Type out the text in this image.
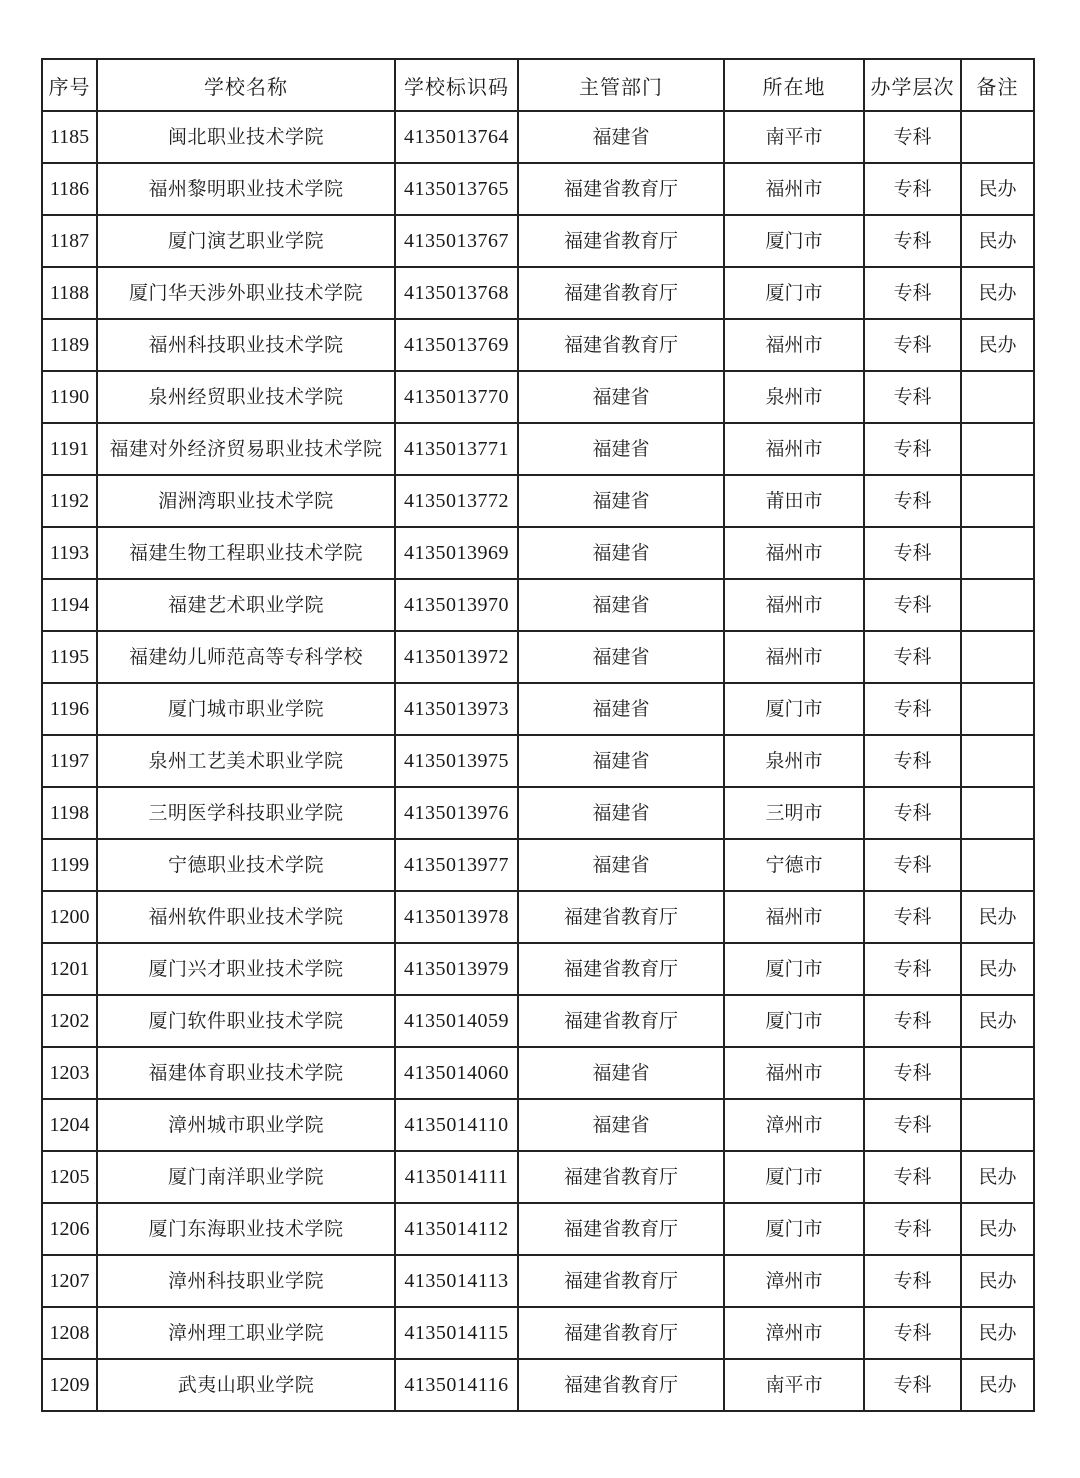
序号	学校名称	学校标识码	主管部门	所在地	办学层次	备注
1185	闽北职业技术学院	4135013764	福建省	南平市	专科	
1186	福州黎明职业技术学院	4135013765	福建省教育厅	福州市	专科	民办
1187	厦门演艺职业学院	4135013767	福建省教育厅	厦门市	专科	民办
1188	厦门华天涉外职业技术学院	4135013768	福建省教育厅	厦门市	专科	民办
1189	福州科技职业技术学院	4135013769	福建省教育厅	福州市	专科	民办
1190	泉州经贸职业技术学院	4135013770	福建省	泉州市	专科	
1191	福建对外经济贸易职业技术学院	4135013771	福建省	福州市	专科	
1192	湄洲湾职业技术学院	4135013772	福建省	莆田市	专科	
1193	福建生物工程职业技术学院	4135013969	福建省	福州市	专科	
1194	福建艺术职业学院	4135013970	福建省	福州市	专科	
1195	福建幼儿师范高等专科学校	4135013972	福建省	福州市	专科	
1196	厦门城市职业学院	4135013973	福建省	厦门市	专科	
1197	泉州工艺美术职业学院	4135013975	福建省	泉州市	专科	
1198	三明医学科技职业学院	4135013976	福建省	三明市	专科	
1199	宁德职业技术学院	4135013977	福建省	宁德市	专科	
1200	福州软件职业技术学院	4135013978	福建省教育厅	福州市	专科	民办
1201	厦门兴才职业技术学院	4135013979	福建省教育厅	厦门市	专科	民办
1202	厦门软件职业技术学院	4135014059	福建省教育厅	厦门市	专科	民办
1203	福建体育职业技术学院	4135014060	福建省	福州市	专科	
1204	漳州城市职业学院	4135014110	福建省	漳州市	专科	
1205	厦门南洋职业学院	4135014111	福建省教育厅	厦门市	专科	民办
1206	厦门东海职业技术学院	4135014112	福建省教育厅	厦门市	专科	民办
1207	漳州科技职业学院	4135014113	福建省教育厅	漳州市	专科	民办
1208	漳州理工职业学院	4135014115	福建省教育厅	漳州市	专科	民办
1209	武夷山职业学院	4135014116	福建省教育厅	南平市	专科	民办
